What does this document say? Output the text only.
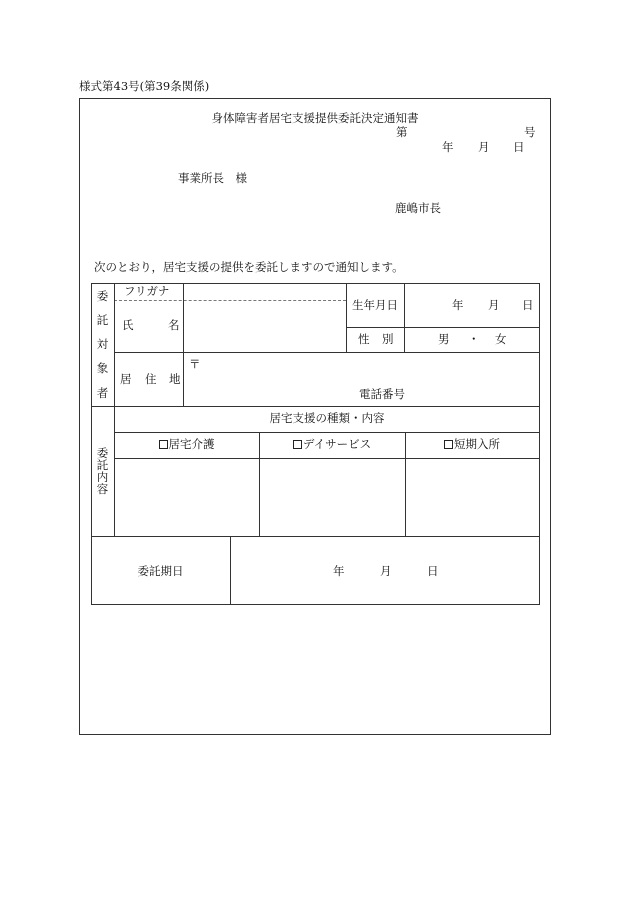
様式第43号(第39条関係)
身体障害者居宅支援提供委託決定通知書
第	号
年 月 日
事業所長　様
鹿嶋市長
次のとおり，居宅支援の提供を委託しますので通知します。
委
託
対
象
者
フリガナ
氏	名
生年月日	年 月 日
性 別	男 ・ 女
居 住 地
〒
電話番号
委
託
内
容
居宅支援の種類・内容
居宅介護	デイサービス	短期入所
委託期日	年	月	日
